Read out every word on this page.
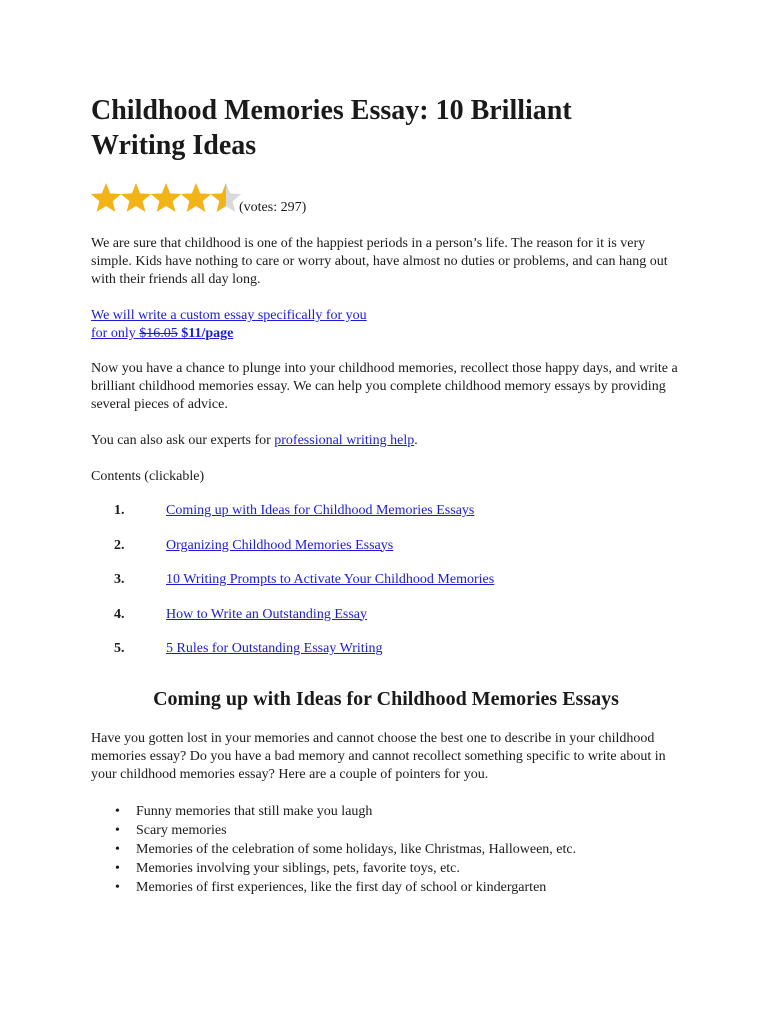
Childhood Memories Essay: 10 Brilliant Writing Ideas
(votes: 297)

We are sure that childhood is one of the happiest periods in a person’s life. The reason for it is very simple. Kids have nothing to care or worry about, have almost no duties or problems, and can hang out with their friends all day long.

We will write a custom essay specifically for you
for only $16.05 $11/page

Now you have a chance to plunge into your childhood memories, recollect those happy days, and write a brilliant childhood memories essay. We can help you complete childhood memory essays by providing several pieces of advice.

You can also ask our experts for professional writing help.

Contents (clickable)

1.	Coming up with Ideas for Childhood Memories Essays
2.	Organizing Childhood Memories Essays
3.	10 Writing Prompts to Activate Your Childhood Memories
4.	How to Write an Outstanding Essay
5.	5 Rules for Outstanding Essay Writing
Coming up with Ideas for Childhood Memories Essays

Have you gotten lost in your memories and cannot choose the best one to describe in your childhood memories essay? Do you have a bad memory and cannot recollect something specific to write about in your childhood memories essay? Here are a couple of pointers for you.

• Funny memories that still make you laugh
• Scary memories
• Memories of the celebration of some holidays, like Christmas, Halloween, etc.
• Memories involving your siblings, pets, favorite toys, etc.
• Memories of first experiences, like the first day of school or kindergarten
